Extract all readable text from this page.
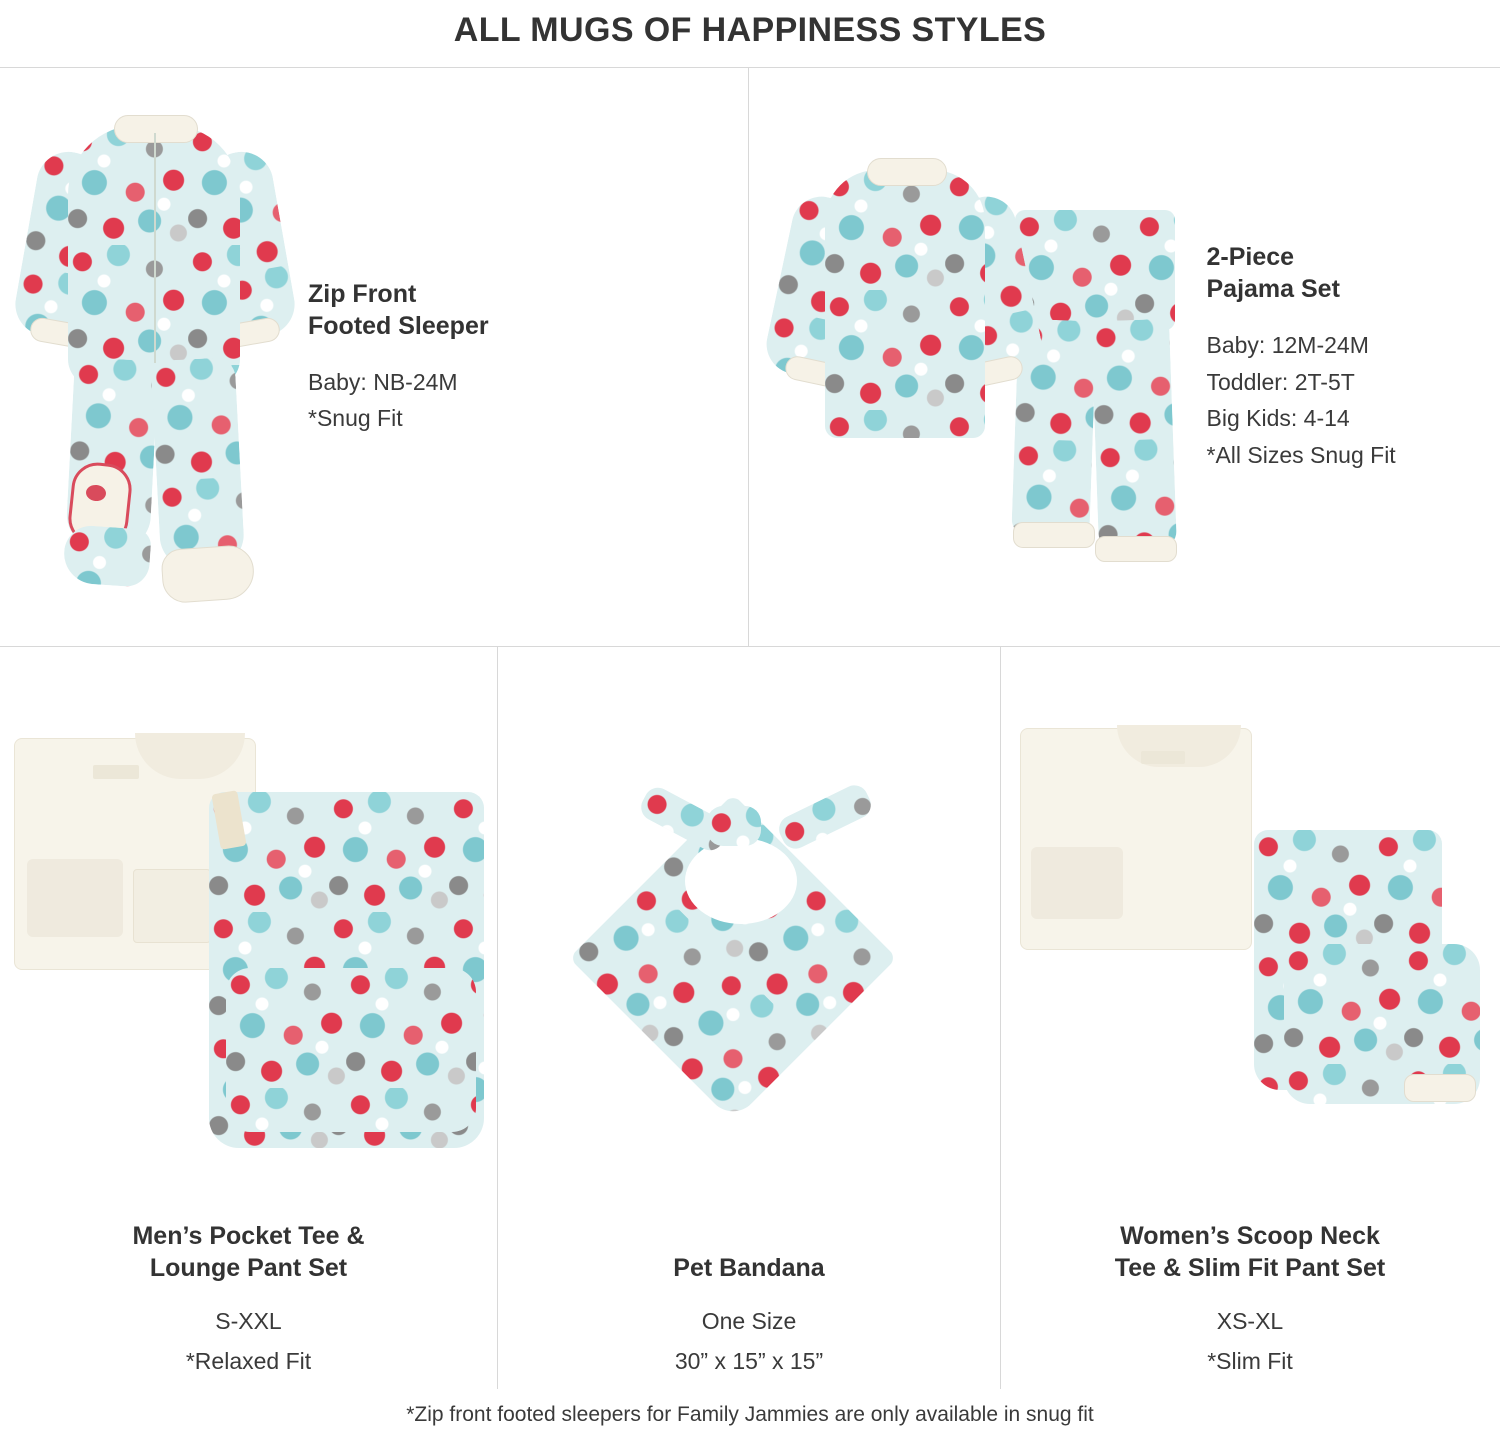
ALL MUGS OF HAPPINESS STYLES
Zip Front
Footed Sleeper
Baby: NB-24M
*Snug Fit
2-Piece
Pajama Set
Baby: 12M-24M
Toddler: 2T-5T
Big Kids: 4-14
*All Sizes Snug Fit
Men’s Pocket Tee &
Lounge Pant Set
S-XXL
*Relaxed Fit
Pet Bandana
One Size
30” x 15” x 15”
Women’s Scoop Neck
Tee & Slim Fit Pant Set
XS-XL
*Slim Fit
*Zip front footed sleepers for Family Jammies are only available in snug fit
